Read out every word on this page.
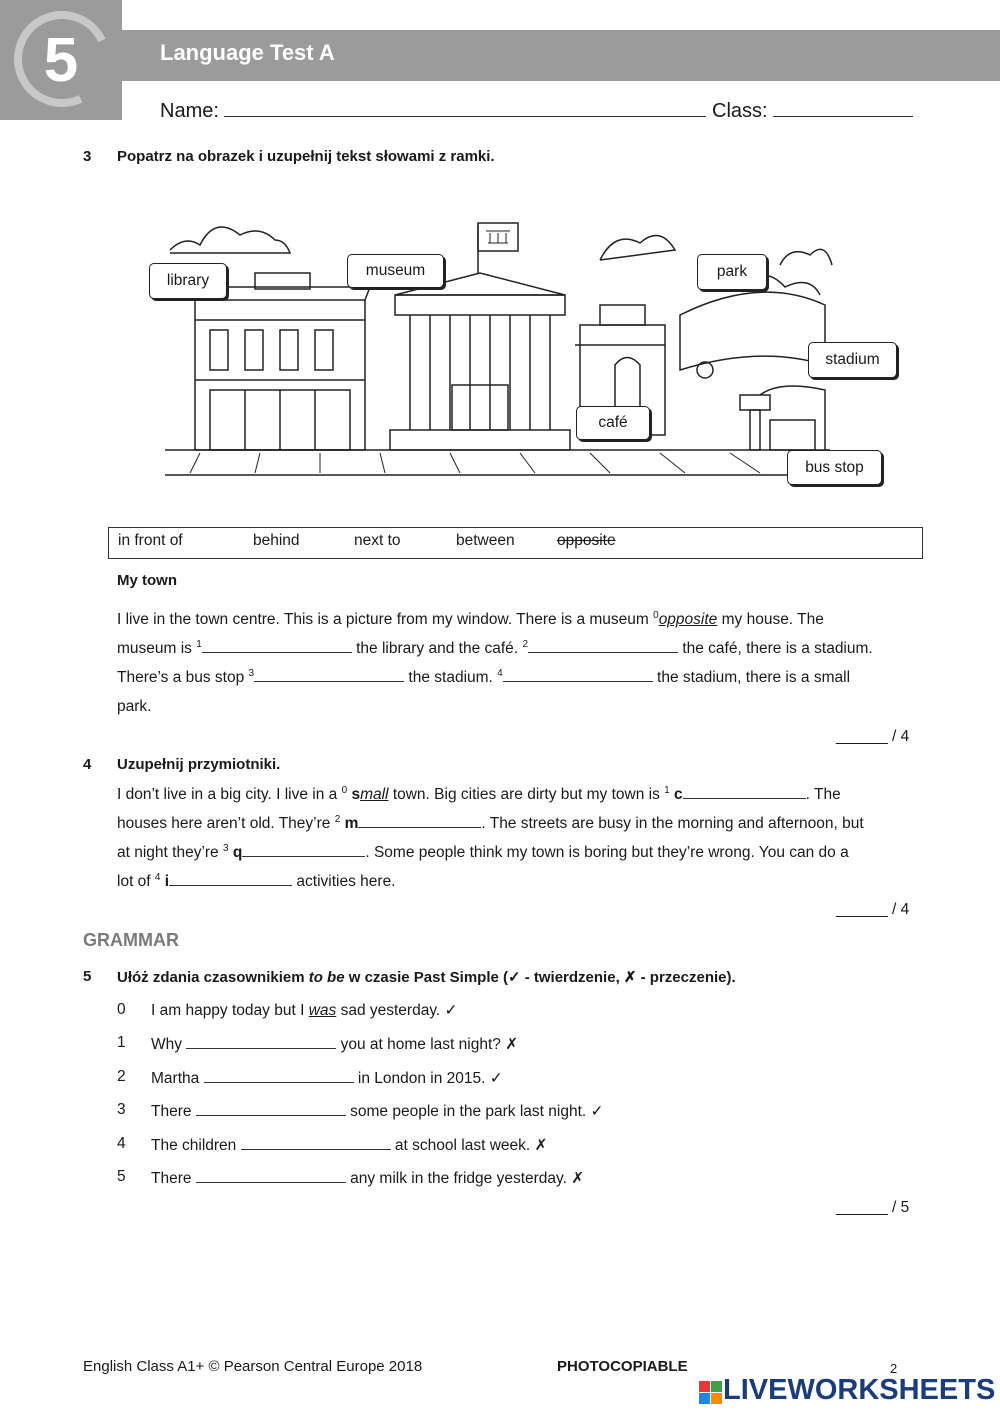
5	Language Test A
Name:	Class:
3 Popatrz na obrazek i uzupełnij tekst słowami z ramki.
library
museum	park
stadium
café
bus stop
in front of	behind	next to	between	opposite
My town
I live in the town centre. This is a picture from my window. There is a museum $^0$opposite my house. The
museum is $^1$	the library and the café. $^2$	the café, there is a stadium.
There’s a bus stop $^3$	the stadium. $^4$	the stadium, there is a small
park.
______ / 4
4 Uzupełnij przymiotniki.
I don’t live in a big city. I live in a $^0$ small town. Big cities are dirty but my town is $^1$ c	. The
houses here aren’t old. They’re $^2$ m	. The streets are busy in the morning and afternoon, but
at night they’re $^3$ q	. Some people think my town is boring but they’re wrong. You can do a
lot of $^4$ i	activities here.
______ / 4
GRAMMAR
5 Ułóż zdania czasownikiem to be w czasie Past Simple (✓ - twierdzenie, ✗ - przeczenie).
0 I am happy today but I was sad yesterday. ✓
1 Why	you at home last night? ✗
2 Martha	in London in 2015. ✓
3 There	some people in the park last night. ✓
4 The children	at school last week. ✗
5 There	any milk in the fridge yesterday. ✗
______ / 5
English Class A1+ © Pearson Central Europe 2018	PHOTOCOPIABLE	2
LIVEWORKSHEETS
